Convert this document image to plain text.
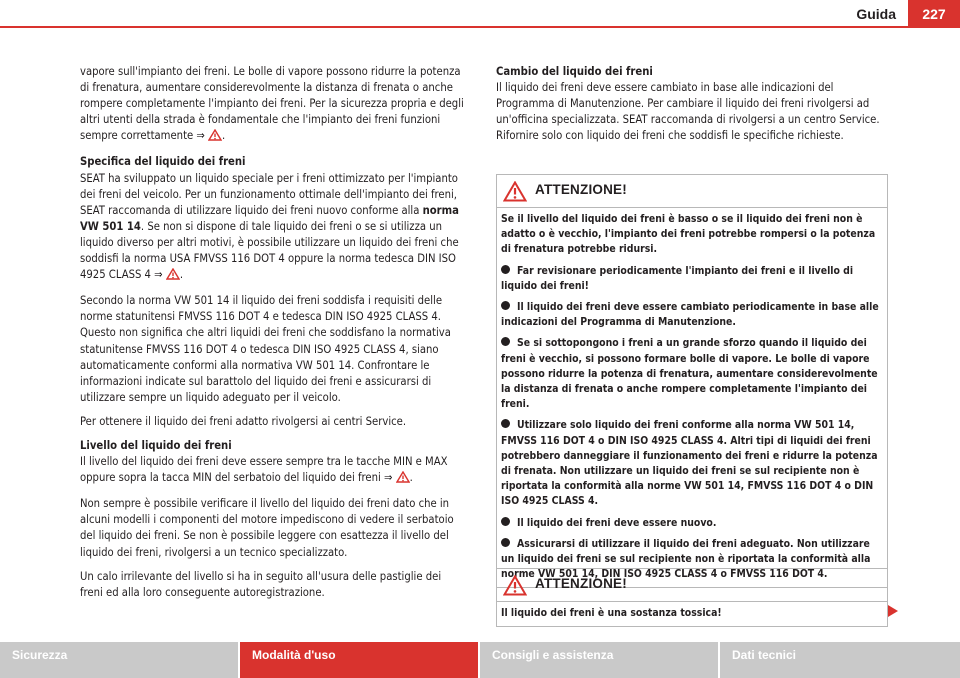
Guida	227

vapore sull'impianto dei freni. Le bolle di vapore possono ridurre la potenza di frenatura, aumentare considerevolmente la distanza di frenata o anche rompere completamente l'impianto dei freni. Per la sicurezza propria e degli altri utenti della strada è fondamentale che l'impianto dei freni funzioni sempre correttamente ⇒ .

Specifica del liquido dei freni

SEAT ha sviluppato un liquido speciale per i freni ottimizzato per l'impianto dei freni del veicolo. Per un funzionamento ottimale dell'impianto dei freni, SEAT raccomanda di utilizzare liquido dei freni nuovo conforme alla norma VW 501 14. Se non si dispone di tale liquido dei freni o se si utilizza un liquido diverso per altri motivi, è possibile utilizzare un liquido dei freni che soddisfi la norma USA FMVSS 116 DOT 4 oppure la norma tedesca DIN ISO 4925 CLASS 4 ⇒ .

Secondo la norma VW 501 14 il liquido dei freni soddisfa i requisiti delle norme statunitensi FMVSS 116 DOT 4 e tedesca DIN ISO 4925 CLASS 4. Questo non significa che altri liquidi dei freni che soddisfano la normativa statunitense FMVSS 116 DOT 4 o tedesca DIN ISO 4925 CLASS 4, siano automaticamente conformi alla normativa VW 501 14. Confrontare le informazioni indicate sul barattolo del liquido dei freni e assicurarsi di utilizzare sempre un liquido adeguato per il veicolo.

Per ottenere il liquido dei freni adatto rivolgersi ai centri Service.

Livello del liquido dei freni

Il livello del liquido dei freni deve essere sempre tra le tacche MIN e MAX oppure sopra la tacca MIN del serbatoio del liquido dei freni ⇒ .

Non sempre è possibile verificare il livello del liquido dei freni dato che in alcuni modelli i componenti del motore impediscono di vedere il serbatoio del liquido dei freni. Se non è possibile leggere con esattezza il livello del liquido dei freni, rivolgersi a un tecnico specializzato.

Un calo irrilevante del livello si ha in seguito all'usura delle pastiglie dei freni ed alla loro conseguente autoregistrazione.

Cambio del liquido dei freni

Il liquido dei freni deve essere cambiato in base alle indicazioni del Programma di Manutenzione. Per cambiare il liquido dei freni rivolgersi ad un'officina specializzata. SEAT raccomanda di rivolgersi a un centro Service. Rifornire solo con liquido dei freni che soddisfi le specifiche richieste.

ATTENZIONE!

Se il livello del liquido dei freni è basso o se il liquido dei freni non è adatto o è vecchio, l'impianto dei freni potrebbe rompersi o la potenza di frenatura potrebbe ridursi.

Far revisionare periodicamente l'impianto dei freni e il livello di liquido dei freni!

Il liquido dei freni deve essere cambiato periodicamente in base alle indicazioni del Programma di Manutenzione.

Se si sottopongono i freni a un grande sforzo quando il liquido dei freni è vecchio, si possono formare bolle di vapore. Le bolle di vapore possono ridurre la potenza di frenatura, aumentare considerevolmente la distanza di frenata o anche rompere completamente l'impianto dei freni.

Utilizzare solo liquido dei freni conforme alla norma VW 501 14, FMVSS 116 DOT 4 o DIN ISO 4925 CLASS 4. Altri tipi di liquidi dei freni potrebbero danneggiare il funzionamento dei freni e ridurre la potenza di frenata. Non utilizzare un liquido dei freni se sul recipiente non è riportata la conformità alla norme VW 501 14, FMVSS 116 DOT 4 o DIN ISO 4925 CLASS 4.

Il liquido dei freni deve essere nuovo.

Assicurarsi di utilizzare il liquido dei freni adeguato. Non utilizzare un liquido dei freni se sul recipiente non è riportata la conformità alla norme VW 501 14, DIN ISO 4925 CLASS 4 o FMVSS 116 DOT 4.

ATTENZIONE!

Il liquido dei freni è una sostanza tossica!

Sicurezza	Modalità d'uso	Consigli e assistenza	Dati tecnici
